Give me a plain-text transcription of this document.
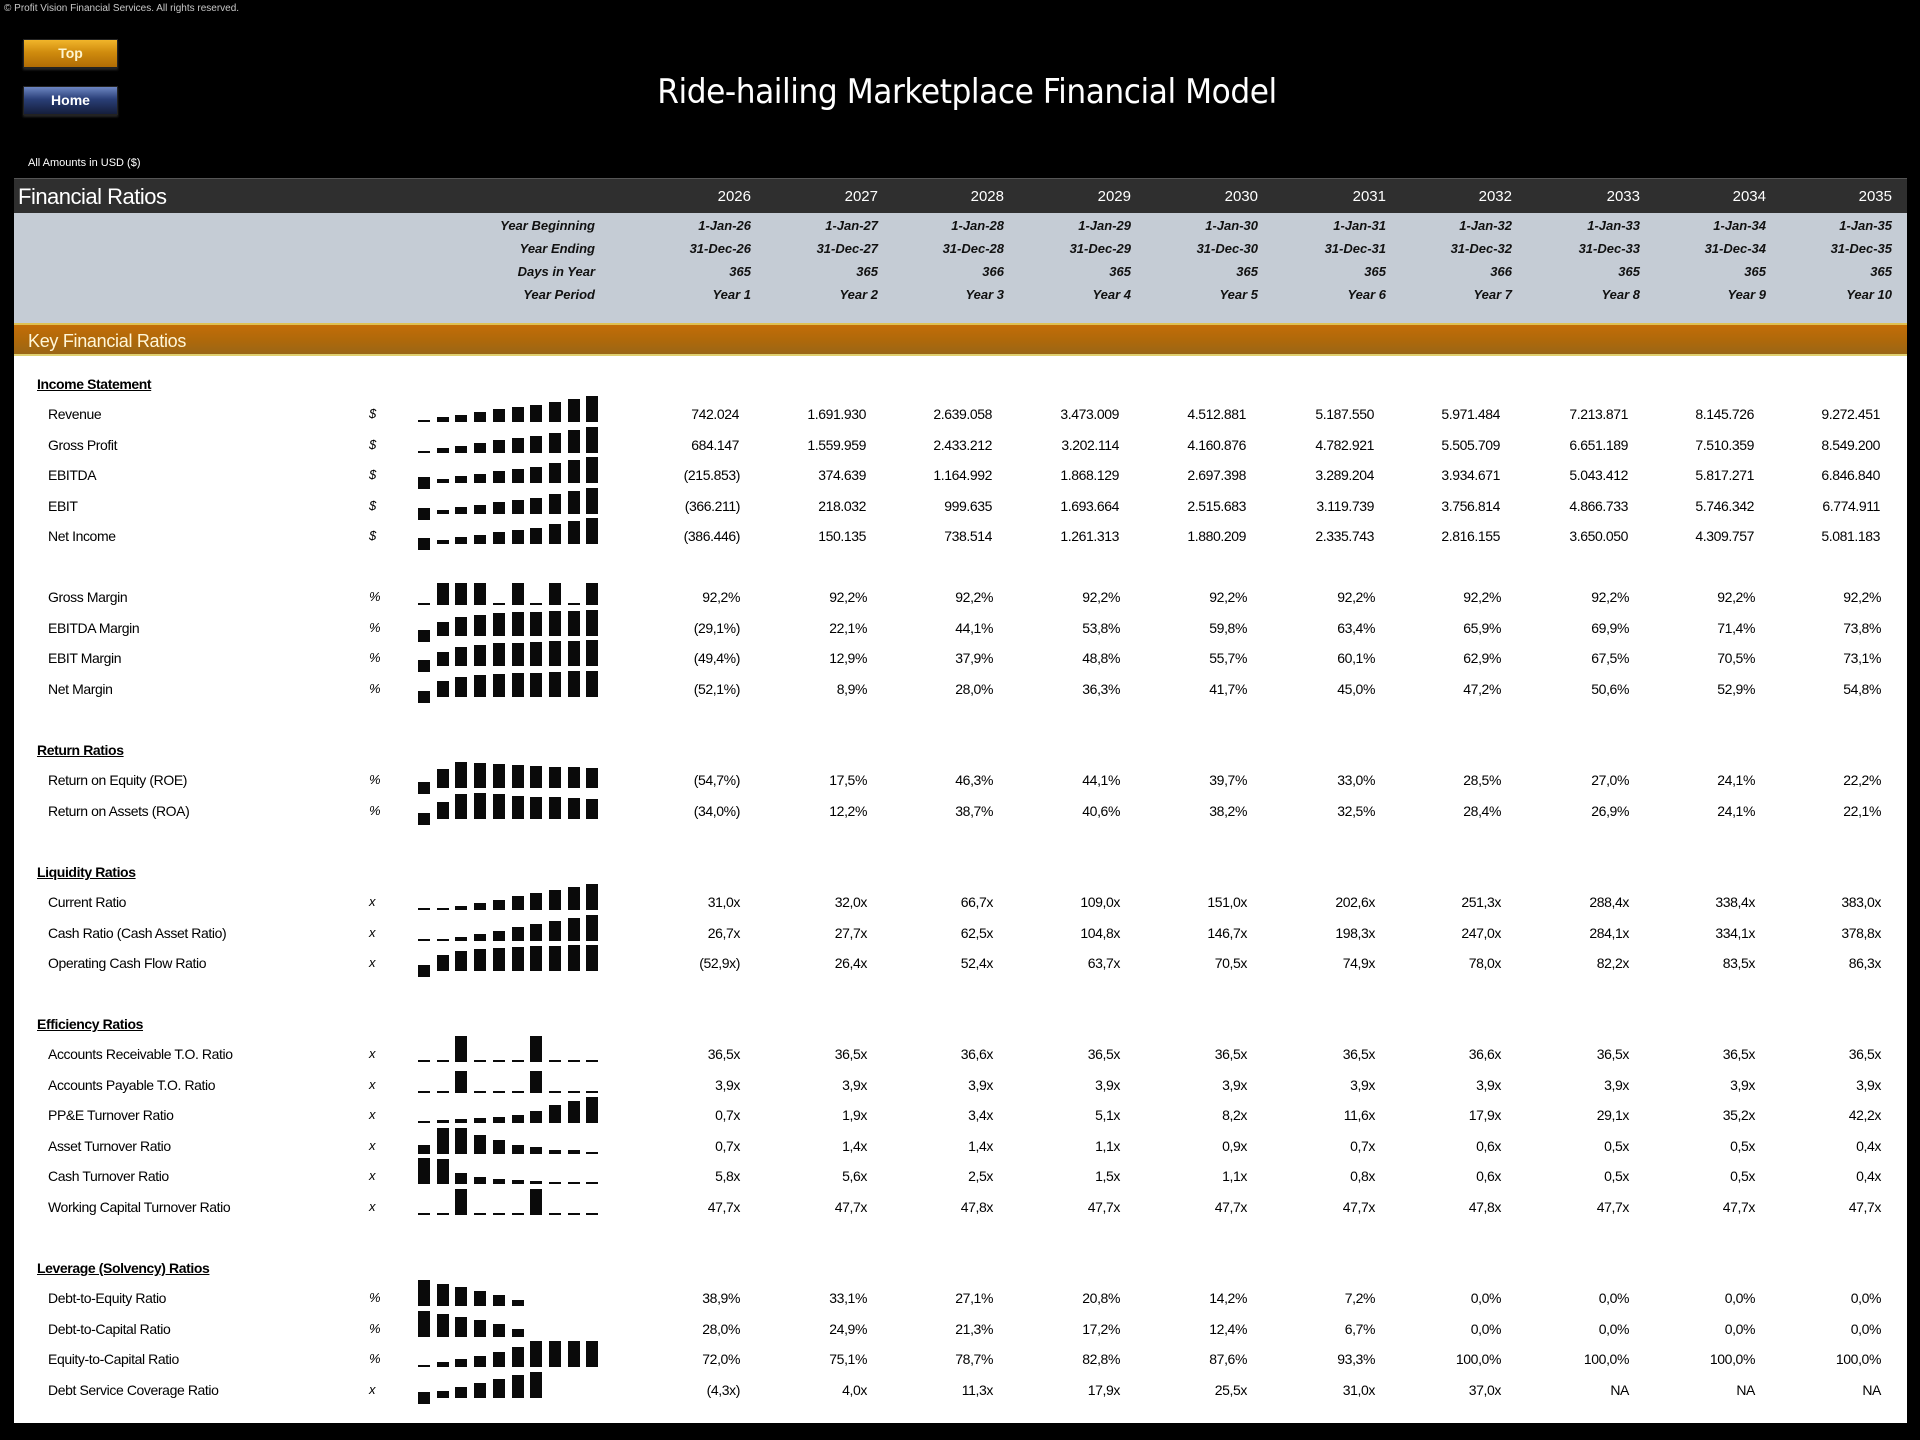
© Profit Vision Financial Services. All rights reserved.
Top
Home	Ride-hailing Marketplace Financial Model
All Amounts in USD ($)
Financial Ratios	2026	2027	2028	2029	2030	2031	2032	2033	2034	2035
Year Beginning	1-Jan-26	1-Jan-27	1-Jan-28	1-Jan-29	1-Jan-30	1-Jan-31	1-Jan-32	1-Jan-33	1-Jan-34	1-Jan-35
Year Ending	31-Dec-26	31-Dec-27	31-Dec-28	31-Dec-29	31-Dec-30	31-Dec-31	31-Dec-32	31-Dec-33	31-Dec-34	31-Dec-35
Days in Year	365	365	366	365	365	365	366	365	365	365
Year Period	Year 1	Year 2	Year 3	Year 4	Year 5	Year 6	Year 7	Year 8	Year 9	Year 10
Key Financial Ratios
Income Statement
Revenue	$	742.024	1.691.930	2.639.058	3.473.009	4.512.881	5.187.550	5.971.484	7.213.871	8.145.726	9.272.451
Gross Profit	$	684.147	1.559.959	2.433.212	3.202.114	4.160.876	4.782.921	5.505.709	6.651.189	7.510.359	8.549.200
EBITDA	$	(215.853)	374.639	1.164.992	1.868.129	2.697.398	3.289.204	3.934.671	5.043.412	5.817.271	6.846.840
EBIT	$	(366.211)	218.032	999.635	1.693.664	2.515.683	3.119.739	3.756.814	4.866.733	5.746.342	6.774.911
Net Income	$	(386.446)	150.135	738.514	1.261.313	1.880.209	2.335.743	2.816.155	3.650.050	4.309.757	5.081.183
Gross Margin	%	92,2%	92,2%	92,2%	92,2%	92,2%	92,2%	92,2%	92,2%	92,2%	92,2%
EBITDA Margin	%	(29,1%)	22,1%	44,1%	53,8%	59,8%	63,4%	65,9%	69,9%	71,4%	73,8%
EBIT Margin	%	(49,4%)	12,9%	37,9%	48,8%	55,7%	60,1%	62,9%	67,5%	70,5%	73,1%
Net Margin	%	(52,1%)	8,9%	28,0%	36,3%	41,7%	45,0%	47,2%	50,6%	52,9%	54,8%
Return Ratios
Return on Equity (ROE)	%	(54,7%)	17,5%	46,3%	44,1%	39,7%	33,0%	28,5%	27,0%	24,1%	22,2%
Return on Assets (ROA)	%	(34,0%)	12,2%	38,7%	40,6%	38,2%	32,5%	28,4%	26,9%	24,1%	22,1%
Liquidity Ratios
Current Ratio	x	31,0x	32,0x	66,7x	109,0x	151,0x	202,6x	251,3x	288,4x	338,4x	383,0x
Cash Ratio (Cash Asset Ratio)	x	26,7x	27,7x	62,5x	104,8x	146,7x	198,3x	247,0x	284,1x	334,1x	378,8x
Operating Cash Flow Ratio	x	(52,9x)	26,4x	52,4x	63,7x	70,5x	74,9x	78,0x	82,2x	83,5x	86,3x
Efficiency Ratios
Accounts Receivable T.O. Ratio	x	36,5x	36,5x	36,6x	36,5x	36,5x	36,5x	36,6x	36,5x	36,5x	36,5x
Accounts Payable T.O. Ratio	x	3,9x	3,9x	3,9x	3,9x	3,9x	3,9x	3,9x	3,9x	3,9x	3,9x
PP&E Turnover Ratio	x	0,7x	1,9x	3,4x	5,1x	8,2x	11,6x	17,9x	29,1x	35,2x	42,2x
Asset Turnover Ratio	x	0,7x	1,4x	1,4x	1,1x	0,9x	0,7x	0,6x	0,5x	0,5x	0,4x
Cash Turnover Ratio	x	5,8x	5,6x	2,5x	1,5x	1,1x	0,8x	0,6x	0,5x	0,5x	0,4x
Working Capital Turnover Ratio	x	47,7x	47,7x	47,8x	47,7x	47,7x	47,7x	47,8x	47,7x	47,7x	47,7x
Leverage (Solvency) Ratios
Debt-to-Equity Ratio	%	38,9%	33,1%	27,1%	20,8%	14,2%	7,2%	0,0%	0,0%	0,0%	0,0%
Debt-to-Capital Ratio	%	28,0%	24,9%	21,3%	17,2%	12,4%	6,7%	0,0%	0,0%	0,0%	0,0%
Equity-to-Capital Ratio	%	72,0%	75,1%	78,7%	82,8%	87,6%	93,3%	100,0%	100,0%	100,0%	100,0%
Debt Service Coverage Ratio	x	(4,3x)	4,0x	11,3x	17,9x	25,5x	31,0x	37,0x	NA	NA	NA
